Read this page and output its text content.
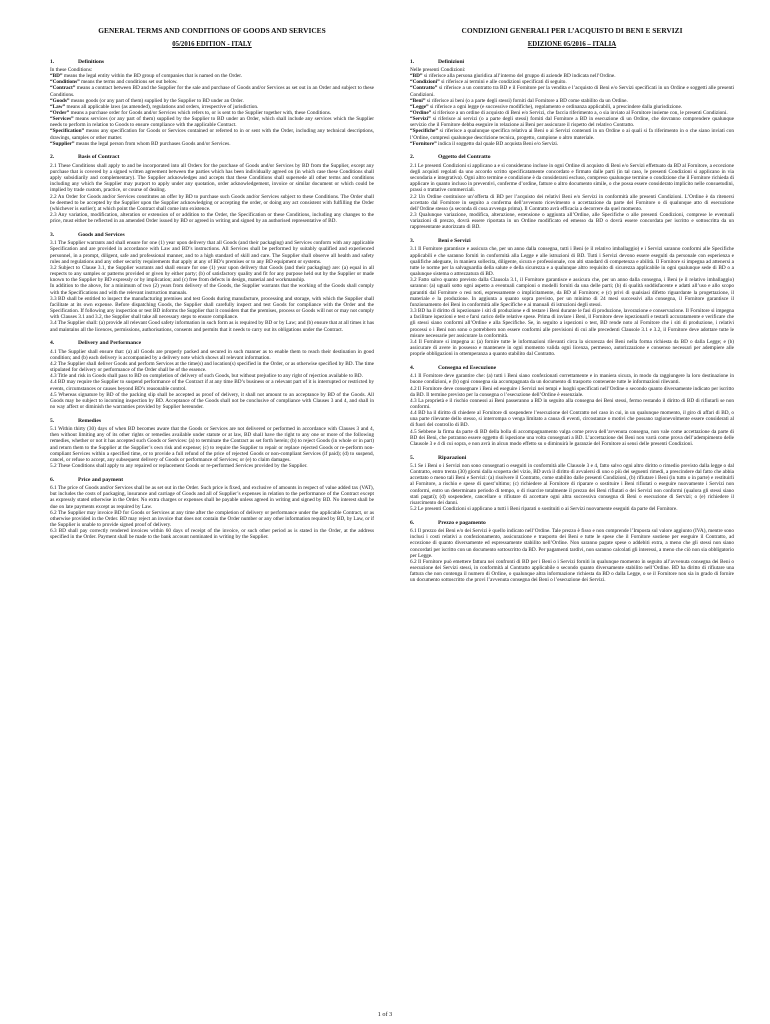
GENERAL TERMS AND CONDITIONS OF GOODS AND SERVICES
05/2016 EDITION - ITALY
1.	Definitions

In these Conditions:

“BD” means the legal entity within the BD group of companies that is named on the Order.

“Conditions” means the terms and conditions set out below.

“Contract” means a contract between BD and the Supplier for the sale and purchase of Goods and/or Services as set out in an Order and subject to these Conditions.

“Goods” means goods (or any part of them) supplied by the Supplier to BD under an Order.

“Law” means all applicable laws (as amended), regulations and orders, irrespective of jurisdiction.

“Order” means a purchase order for Goods and/or Services which refers to, or is sent to the Supplier together with, these Conditions.

“Services” means services (or any part of them) supplied by the Supplier to BD under an Order, which shall include any services which the Supplier needs to perform in relation to Goods to ensure compliance with the applicable Contract.

“Specification” means any specification for Goods or Services contained or referred to in or sent with the Order, including any technical descriptions, drawings, samples or other matter.

“Supplier” means the legal person from whom BD purchases Goods and/or Services.

2.	Basis of Contract

2.1 These Conditions shall apply to and be incorporated into all Orders for the purchase of Goods and/or Services by BD from the Supplier, except any purchase that is covered by a signed written agreement between the parties which has been individually agreed on (in which case these Conditions shall apply subsidiarily and complementary). The Supplier acknowledges and accepts that these Conditions shall supersede all other terms and conditions including any which the Supplier may purport to apply under any quotation, order acknowledgement, invoice or similar document or which could be implied by trade custom, practice, or course of dealing.

2.2 An Order for Goods and/or Services constitutes an offer by BD to purchase such Goods and/or Services subject to these Conditions. The Order shall be deemed to be accepted by the Supplier upon the Supplier acknowledging or accepting the order, or doing any act consistent with fulfilling the Order (whichever is earlier); at which point the Contract shall come into existence.

2.3 Any variation, modification, alteration or extension of or addition to the Order, the Specification or these Conditions, including any changes to the price, must either be reflected in an amended Order issued by BD or agreed in writing and signed by an authorised representative of BD.

3.	Goods and Services

3.1 The Supplier warrants and shall ensure for one (1) year upon delivery that all Goods (and their packaging) and Services conform with any applicable Specification and are provided in accordance with Law and BD’s instructions. All Services shall be performed by suitably qualified and experienced personnel, in a prompt, diligent, safe and professional manner, and to a high standard of skill and care. The Supplier shall observe all health and safety rules and regulations and any other security requirements that apply at any of BD’s premises or to any BD equipment or systems.

3.2 Subject to Clause 3.1, the Supplier warrants and shall ensure for one (1) year upon delivery that Goods (and their packaging) are: (a) equal in all respects to any samples or patterns provided or given by either party; (b) of satisfactory quality and fit for any purpose held out by the Supplier or made known to the Supplier by BD expressly or by implication; and (c) free from defects in design, material and workmanship.

In addition to the above, for a minimum of two (2) years from delivery of the Goods, the Supplier warrants that the working of the Goods shall comply with the Specifications and with the relevant instruction manuals.

3.3 BD shall be entitled to inspect the manufacturing premises and test Goods during manufacture, processing and storage, with which the Supplier shall facilitate at its own expense. Before dispatching Goods, the Supplier shall carefully inspect and test Goods for compliance with the Order and the Specification. If following any inspection or test BD informs the Supplier that it considers that the premises, process or Goods will not or may not comply with Clauses 3.1 and 3.2, the Supplier shall take all necessary steps to ensure compliance.

3.4 The Supplier shall: (a) provide all relevant Good safety information in such form as is required by BD or by Law; and (b) ensure that at all times it has and maintains all the licences, permissions, authorisations, consents and permits that it needs to carry out its obligations under the Contract.

4.	Delivery and Performance

4.1 The Supplier shall ensure that: (a) all Goods are properly packed and secured in such manner as to enable them to reach their destination in good condition; and (b) each delivery is accompanied by a delivery note which shows all relevant information.

4.2 The Supplier shall deliver Goods and perform Services at the time(s) and location(s) specified in the Order, or as otherwise specified by BD. The time stipulated for delivery or performance of the Order shall be of the essence.

4.3 Title and risk in Goods shall pass to BD on completion of delivery of such Goods, but without prejudice to any right of rejection available to BD.

4.4 BD may require the Supplier to suspend performance of the Contract if at any time BD’s business or a relevant part of it is interrupted or restricted by events, circumstances or causes beyond BD’s reasonable control.

4.5 Whereas signature by BD of the packing slip shall be accepted as proof of delivery, it shall not amount to an acceptance by BD of the Goods. All Goods may be subject to incoming inspection by BD. Acceptance of the Goods shall not be conclusive of compliance with Clauses 3 and 4, and shall in no way affect or diminish the warranties provided by Supplier hereunder.

5.	Remedies

5.1 Within thirty (30) days of when BD becomes aware that the Goods or Services are not delivered or performed in accordance with Clauses 3 and 4, then without limiting any of its other rights or remedies available under statute or at law, BD shall have the right to any one or more of the following remedies, whether or not it has accepted such Goods or Services: (a) to terminate the Contract as set forth herein; (b) to reject Goods (in whole or in part) and return them to the Supplier at the Supplier’s own risk and expense; (c) to require the Supplier to repair or replace rejected Goods or re-perform non-compliant Services within a specified time, or to provide a full refund of the price of rejected Goods or non-compliant Services (if paid); (d) to suspend, cancel, or refuse to accept, any subsequent delivery of Goods or performance of Services; or (e) to claim damages.

5.2 These Conditions shall apply to any repaired or replacement Goods or re-performed Services provided by the Supplier.

6.	Price and payment

6.1 The price of Goods and/or Services shall be as set out in the Order. Such price is fixed, and exclusive of amounts in respect of value added tax (VAT), but includes the costs of packaging, insurance and carriage of Goods and all of Supplier’s expenses in relation to the performance of the Contract except as expressly stated otherwise in the Order. No extra charges or expenses shall be payable unless agreed in writing and signed by BD. No interest shall be due on late payments except as required by Law.

6.2 The Supplier may invoice BD for Goods or Services at any time after the completion of delivery or performance under the applicable Contract, or as otherwise provided in the Order. BD may reject an invoice that does not contain the Order number or any other information required by BD, by Law, or if the Supplier is unable to provide signed proof of delivery.

6.3 BD shall pay correctly rendered invoices within 60 days of receipt of the invoice, or such other period as is stated in the Order, at the address specified in the Order. Payment shall be made to the bank account nominated in writing by the Supplier.

CONDIZIONI GENERALI PER L’ACQUISTO DI BENI E SERVIZI
EDIZIONE 05/2016 – ITALIA
1.	Definizioni

Nelle presenti Condizioni:

“BD” si riferisce alla persona giuridica all’interno del gruppo di aziende BD indicata nell’Ordine.

“Condizioni” si riferisce ai termini e alle condizioni specificati di seguito.

“Contratto” si riferisce a un contratto tra BD e il Fornitore per la vendita e l’acquisto di Beni e/o Servizi specificati in un Ordine e soggetti alle presenti Condizioni.

“Beni” si riferisce ai beni (o a parte degli stessi) forniti dal Fornitore a BD come stabilito da un Ordine.

“Legge” si riferisce a ogni legge (e successive modifiche), regolamento e ordinanza applicabili, a prescindere dalla giurisdizione.

“Ordine” si riferisce a un ordine di acquisto di Beni e/o Servizi, che faccia riferimento a, o sia inviato al Fornitore insieme con, le presenti Condizioni.

“Servizi” si riferisce ai servizi (o a parte degli stessi) forniti dal Fornitore a BD in esecuzione di un Ordine, che dovranno comprendere qualunque servizio che il Fornitore debba eseguire in relazione ai Beni per assicurare il rispetto del relativo Contratto.

“Specifiche” si riferisce a qualunque specifica relativa ai Beni o ai Servizi contenuti in un Ordine o ai quali si fa riferimento in o che siano inviati con l’Ordine, compresi qualunque descrizione tecnica, progetto, campione o altro materiale.

“Fornitore” indica il soggetto dal quale BD acquista Beni e/o Servizi.

2.	Oggetto del Contratto

2.1 Le presenti Condizioni si applicano a e si considerano incluse in ogni Ordine di acquisto di Beni e/o Servizi effettuato da BD al Fornitore, a eccezione degli acquisti regolati da uno accordo scritto specificatamente concordato e firmato dalle parti (in tal caso, le presenti Condizioni si applicano in via secondaria e integrativa). Ogni altro termine e condizione è da considerarsi escluso, compreso qualunque termine o condizione che il Fornitore richieda di applicare in quanto incluso in preventivi, conferme d’ordine, fatture o altro documento simile, o che possa essere considerato implicito nelle consuetudini, prassi o trattative commerciali.

2.2 Un Ordine costituisce un’offerta di BD per l’acquisto dei relativi Beni e/o Servizi in conformità alle presenti Condizioni. L’Ordine è da ritenersi accettato dal Fornitore in seguito a conferma dell’avvenuto ricevimento o accettazione da parte del Fornitore o di qualunque atto di esecuzione dell’Ordine stesso (a seconda di cosa avvenga prima). Il Contratto avrà efficacia a decorrere da quel momento.

2.3 Qualunque variazione, modifica, alterazione, estensione o aggiunta all’Ordine, alle Specifiche o alle presenti Condizioni, comprese le eventuali variazioni di prezzo, dovrà essere riportata in un Ordine modificato ed emesso da BD o dovrà essere concordata per iscritto e sottoscritta da un rappresentante autorizzato di BD.

3.	Beni e Servizi

3.1 Il Fornitore garantisce e assicura che, per un anno dalla consegna, tutti i Beni (e il relativo imballaggio) e i Servizi saranno conformi alle Specifiche applicabili e che saranno forniti in conformità alla Legge e alle istruzioni di BD. Tutti i Servizi devono essere eseguiti da personale con esperienza e qualifiche adeguate, in maniera sollecita, diligente, sicura e professionale, con alti standard di competenza e abilità. Il Fornitore si impegna ad attenersi a tutte le norme per la salvaguardia della salute e della sicurezza e a qualunque altro requisito di sicurezza applicabile in ogni qualunque sede di BD o a qualunque sistema o attrezzatura di BD.

3.2 Fatto salvo quanto previsto dalla Clausola 3.1, il Fornitore garantisce e assicura che, per un anno dalla consegna, i Beni (e il relativo imballaggio) saranno: (a) uguali sotto ogni aspetto a eventuali campioni o modelli forniti da una delle parti; (b) di qualità soddisfacente e adatti all’uso e allo scopo garantiti dal Fornitore o resi noti, espressamente o implicitamente, da BD al Fornitore; e (c) privi di qualsiasi difetto riguardante la progettazione, il materiale e la produzione. In aggiunta a quanto sopra previsto, per un minimo di 24 mesi successivi alla consegna, il Fornitore garantisce il funzionamento dei Beni in conformità alle Specifiche e ai manuali di istruzioni degli stessi.

3.3 BD ha il diritto di ispezionare i siti di produzione e di testare i Beni durante le fasi di produzione, lavorazione e conservazione. Il Fornitore si impegna a facilitare ispezioni e test e farsi carico delle relative spese. Prima di inviare i Beni, il Fornitore deve ispezionarli e testarli accuratamente e verificare che gli stessi siano conformi all’Ordine e alla Specifiche. Se, in seguito a ispezioni o test, BD rende noto al Fornitore che i siti di produzione, i relativi processi o i Beni non sono o potrebbero non essere conformi alle previsioni di cui alle precedenti Clausole 3.1 e 3.2, il Fornitore deve adottare tutte le misure necessarie per assicurare la conformità.

3.4 Il Fornitore si impegna a: (a) fornire tutte le informazioni rilevanti circa la sicurezza dei Beni nella forma richiesta da BD o dalla Legge; e (b) assicurare di avere in possesso e mantenere in ogni momento valida ogni licenza, permesso, autorizzazione e consenso necessari per adempiere alle proprie obbligazioni in ottemperanza a quanto stabilito dal Contratto.

4.	Consegna ed Esecuzione

4.1 Il Fornitore deve garantire che: (a) tutti i Beni siano confezionati correttamente e in maniera sicura, in modo da raggiungere la loro destinazione in buone condizioni, e (b) ogni consegna sia accompagnata da un documento di trasporto contenente tutte le informazioni rilevanti.

4.2 Il Fornitore deve consegnare i Beni ed eseguire i Servizi nei tempi e luoghi specificati nell’Ordine o secondo quanto diversamente indicato per iscritto da BD. Il termine previsto per la consegna o l’esecuzione dell’Ordine è essenziale.

4.3 La proprietà e il rischio connessi ai Beni passeranno a BD in seguito alla consegna dei Beni stessi, fermo restando il diritto di BD di rifiutarli se non conformi.

4.4 BD ha il diritto di chiedere al Fornitore di sospendere l’esecuzione del Contratto nel caso in cui, in un qualunque momento, il giro di affari di BD, o una parte rilevante dello stesso, si interrompa o venga limitato a causa di eventi, circostanze o motivi che possano ragionevolmente essere considerati al di fuori del controllo di BD.

4.5 Sebbene la firma da parte di BD della bolla di accompagnamento valga come prova dell’avvenuta consegna, non vale come accettazione da parte di BD dei Beni, che potranno essere oggetto di ispezione una volta consegnati a BD. L’accettazione dei Beni non varrà come prova dell’adempimento delle Clausole 3 e 4 di cui sopra, e non avrà in alcun modo effetto su o diminuirà le garanzie del Fornitore ai sensi delle presenti Condizioni.

5.	Riparazioni

5.1 Se i Beni o i Servizi non sono consegnati o eseguiti in conformità alle Clausole 3 e 4, fatto salvo ogni altro diritto o rimedio previsto dalla legge o dal Contratto, entro trenta (30) giorni dalla scoperta del vizio, BD avrà il diritto di avvalersi di uno o più dei seguenti rimedi, a prescindere dal fatto che abbia accettato o meno tali Beni e Servizi: (a) risolvere il Contratto, come stabilito dalle presenti Condizioni, (b) rifiutare i Beni (in tutto o in parte) e restituirli al Fornitore, a rischio e spese di quest’ultimo; (c) richiedere al Fornitore di riparare o sostituire i Beni rifiutati o eseguire nuovamente i Servizi non conformi, entro un determinato periodo di tempo, o di risarcire totalmente il prezzo dei Beni rifiutati o dei Servizi non conformi (qualora gli stessi siano stati pagati); (d) sospendere, cancellare o rifiutare di accettare ogni altra successiva consegna di Beni o esecuzione di Servizi; o (e) richiedere il risarcimento dei danni.

5.2 Le presenti Condizioni si applicano a tutti i Beni riparati o sostituiti o ai Servizi nuovamente eseguiti da parte del Fornitore.

6.	Prezzo e pagamento

6.1 Il prezzo dei Beni e/o dei Servizi è quello indicato nell’Ordine. Tale prezzo è fisso e non comprende l’Imposta sul valore aggiunto (IVA), mentre sono inclusi i costi relativi a confezionamento, assicurazione e trasporto dei Beni e tutte le spese che il Fornitore sostiene per eseguire il Contratto, ad eccezione di quanto diversamente ed espressamente stabilito nell’Ordine. Non saranno pagate spese o addebiti extra, a meno che gli stessi non siano concordati per iscritto con un documento sottoscritto da BD. Per pagamenti tardivi, non saranno calcolati gli interessi, a meno che ciò non sia obbligatorio per Legge.

6.2 Il Fornitore può emettere fattura nei confronti di BD per i Beni o i Servizi forniti in qualunque momento in seguito all’avvenuta consegna dei Beni o esecuzione dei Servizi stessi, in conformità al Contratto applicabile o secondo quanto diversamente stabilito nell’Ordine. BD ha diritto di rifiutare una fattura che non contenga il numero di Ordine, o qualunque altra informazione richiesta da BD o dalla Legge, o se il Fornitore non sia in grado di fornire un documento sottoscritto che provi l’avvenuta consegna dei Beni o l’esecuzione dei Servizi.

1 of 3
